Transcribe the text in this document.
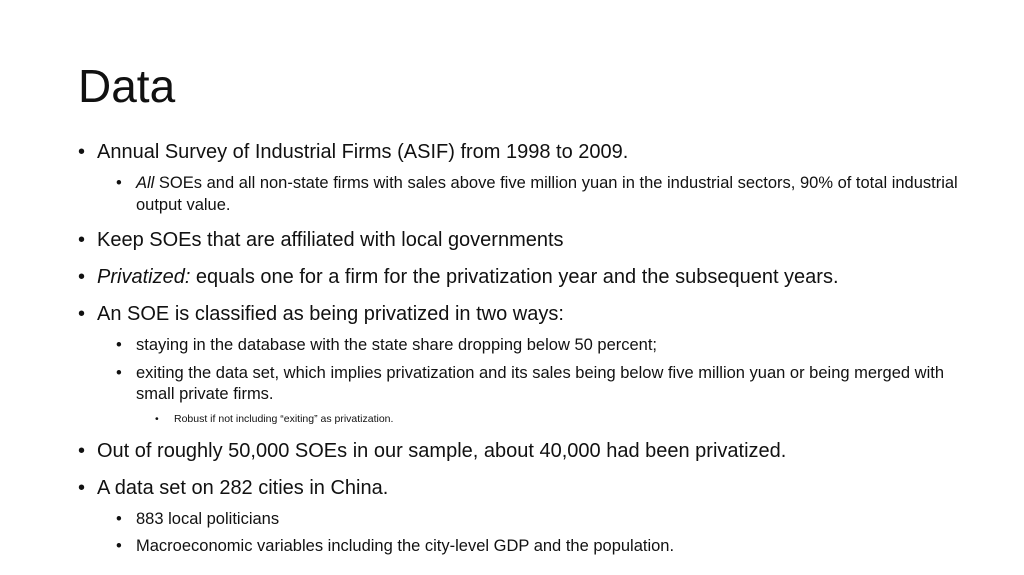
Data

• Annual Survey of Industrial Firms (ASIF) from 1998 to 2009.

• All SOEs and all non-state firms with sales above five million yuan in the industrial sectors, 90% of total industrial output value.

• Keep SOEs that are affiliated with local governments

• Privatized: equals one for a firm for the privatization year and the subsequent years.

• An SOE is classified as being privatized in two ways:

• staying in the database with the state share dropping below 50 percent;

• exiting the data set, which implies privatization and its sales being below five million yuan or being merged with small private firms.

• Robust if not including “exiting” as privatization.

• Out of roughly 50,000 SOEs in our sample, about 40,000 had been privatized.

• A data set on 282 cities in China.

• 883 local politicians

• Macroeconomic variables including the city-level GDP and the population.
